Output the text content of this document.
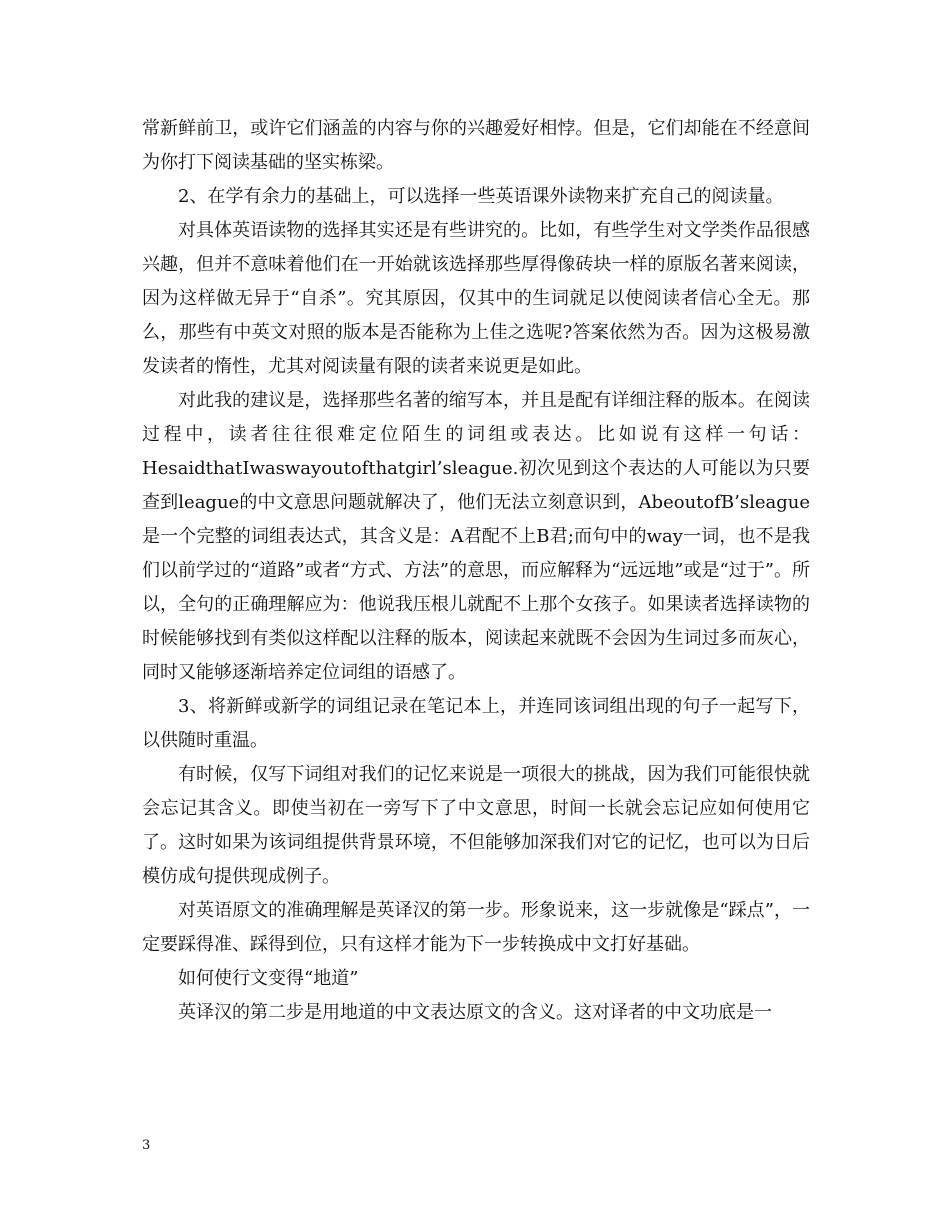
常新鲜前卫，或许它们涵盖的内容与你的兴趣爱好相悖。但是，它们却能在不经意间为你打下阅读基础的坚实栋梁。

2、在学有余力的基础上，可以选择一些英语课外读物来扩充自己的阅读量。

对具体英语读物的选择其实还是有些讲究的。比如，有些学生对文学类作品很感兴趣，但并不意味着他们在一开始就该选择那些厚得像砖块一样的原版名著来阅读，因为这样做无异于“自杀”。究其原因，仅其中的生词就足以使阅读者信心全无。那么，那些有中英文对照的版本是否能称为上佳之选呢?答案依然为否。因为这极易激发读者的惰性，尤其对阅读量有限的读者来说更是如此。

对此我的建议是，选择那些名著的缩写本，并且是配有详细注释的版本。在阅读过程中，读者往往很难定位陌生的词组或表达。比如说有这样一句话：HesaidthatIwaswayoutofthatgirl’sleague.初次见到这个表达的人可能以为只要查到league的中文意思问题就解决了，他们无法立刻意识到，AbeoutofB’sleague是一个完整的词组表达式，其含义是：A君配不上B君;而句中的way一词，也不是我们以前学过的“道路”或者“方式、方法”的意思，而应解释为“远远地”或是“过于”。所以，全句的正确理解应为：他说我压根儿就配不上那个女孩子。如果读者选择读物的时候能够找到有类似这样配以注释的版本，阅读起来就既不会因为生词过多而灰心，同时又能够逐渐培养定位词组的语感了。

3、将新鲜或新学的词组记录在笔记本上，并连同该词组出现的句子一起写下，以供随时重温。

有时候，仅写下词组对我们的记忆来说是一项很大的挑战，因为我们可能很快就会忘记其含义。即使当初在一旁写下了中文意思，时间一长就会忘记应如何使用它了。这时如果为该词组提供背景环境，不但能够加深我们对它的记忆，也可以为日后模仿成句提供现成例子。

对英语原文的准确理解是英译汉的第一步。形象说来，这一步就像是“踩点”，一定要踩得准、踩得到位，只有这样才能为下一步转换成中文打好基础。

如何使行文变得“地道”

英译汉的第二步是用地道的中文表达原文的含义。这对译者的中文功底是一

3
